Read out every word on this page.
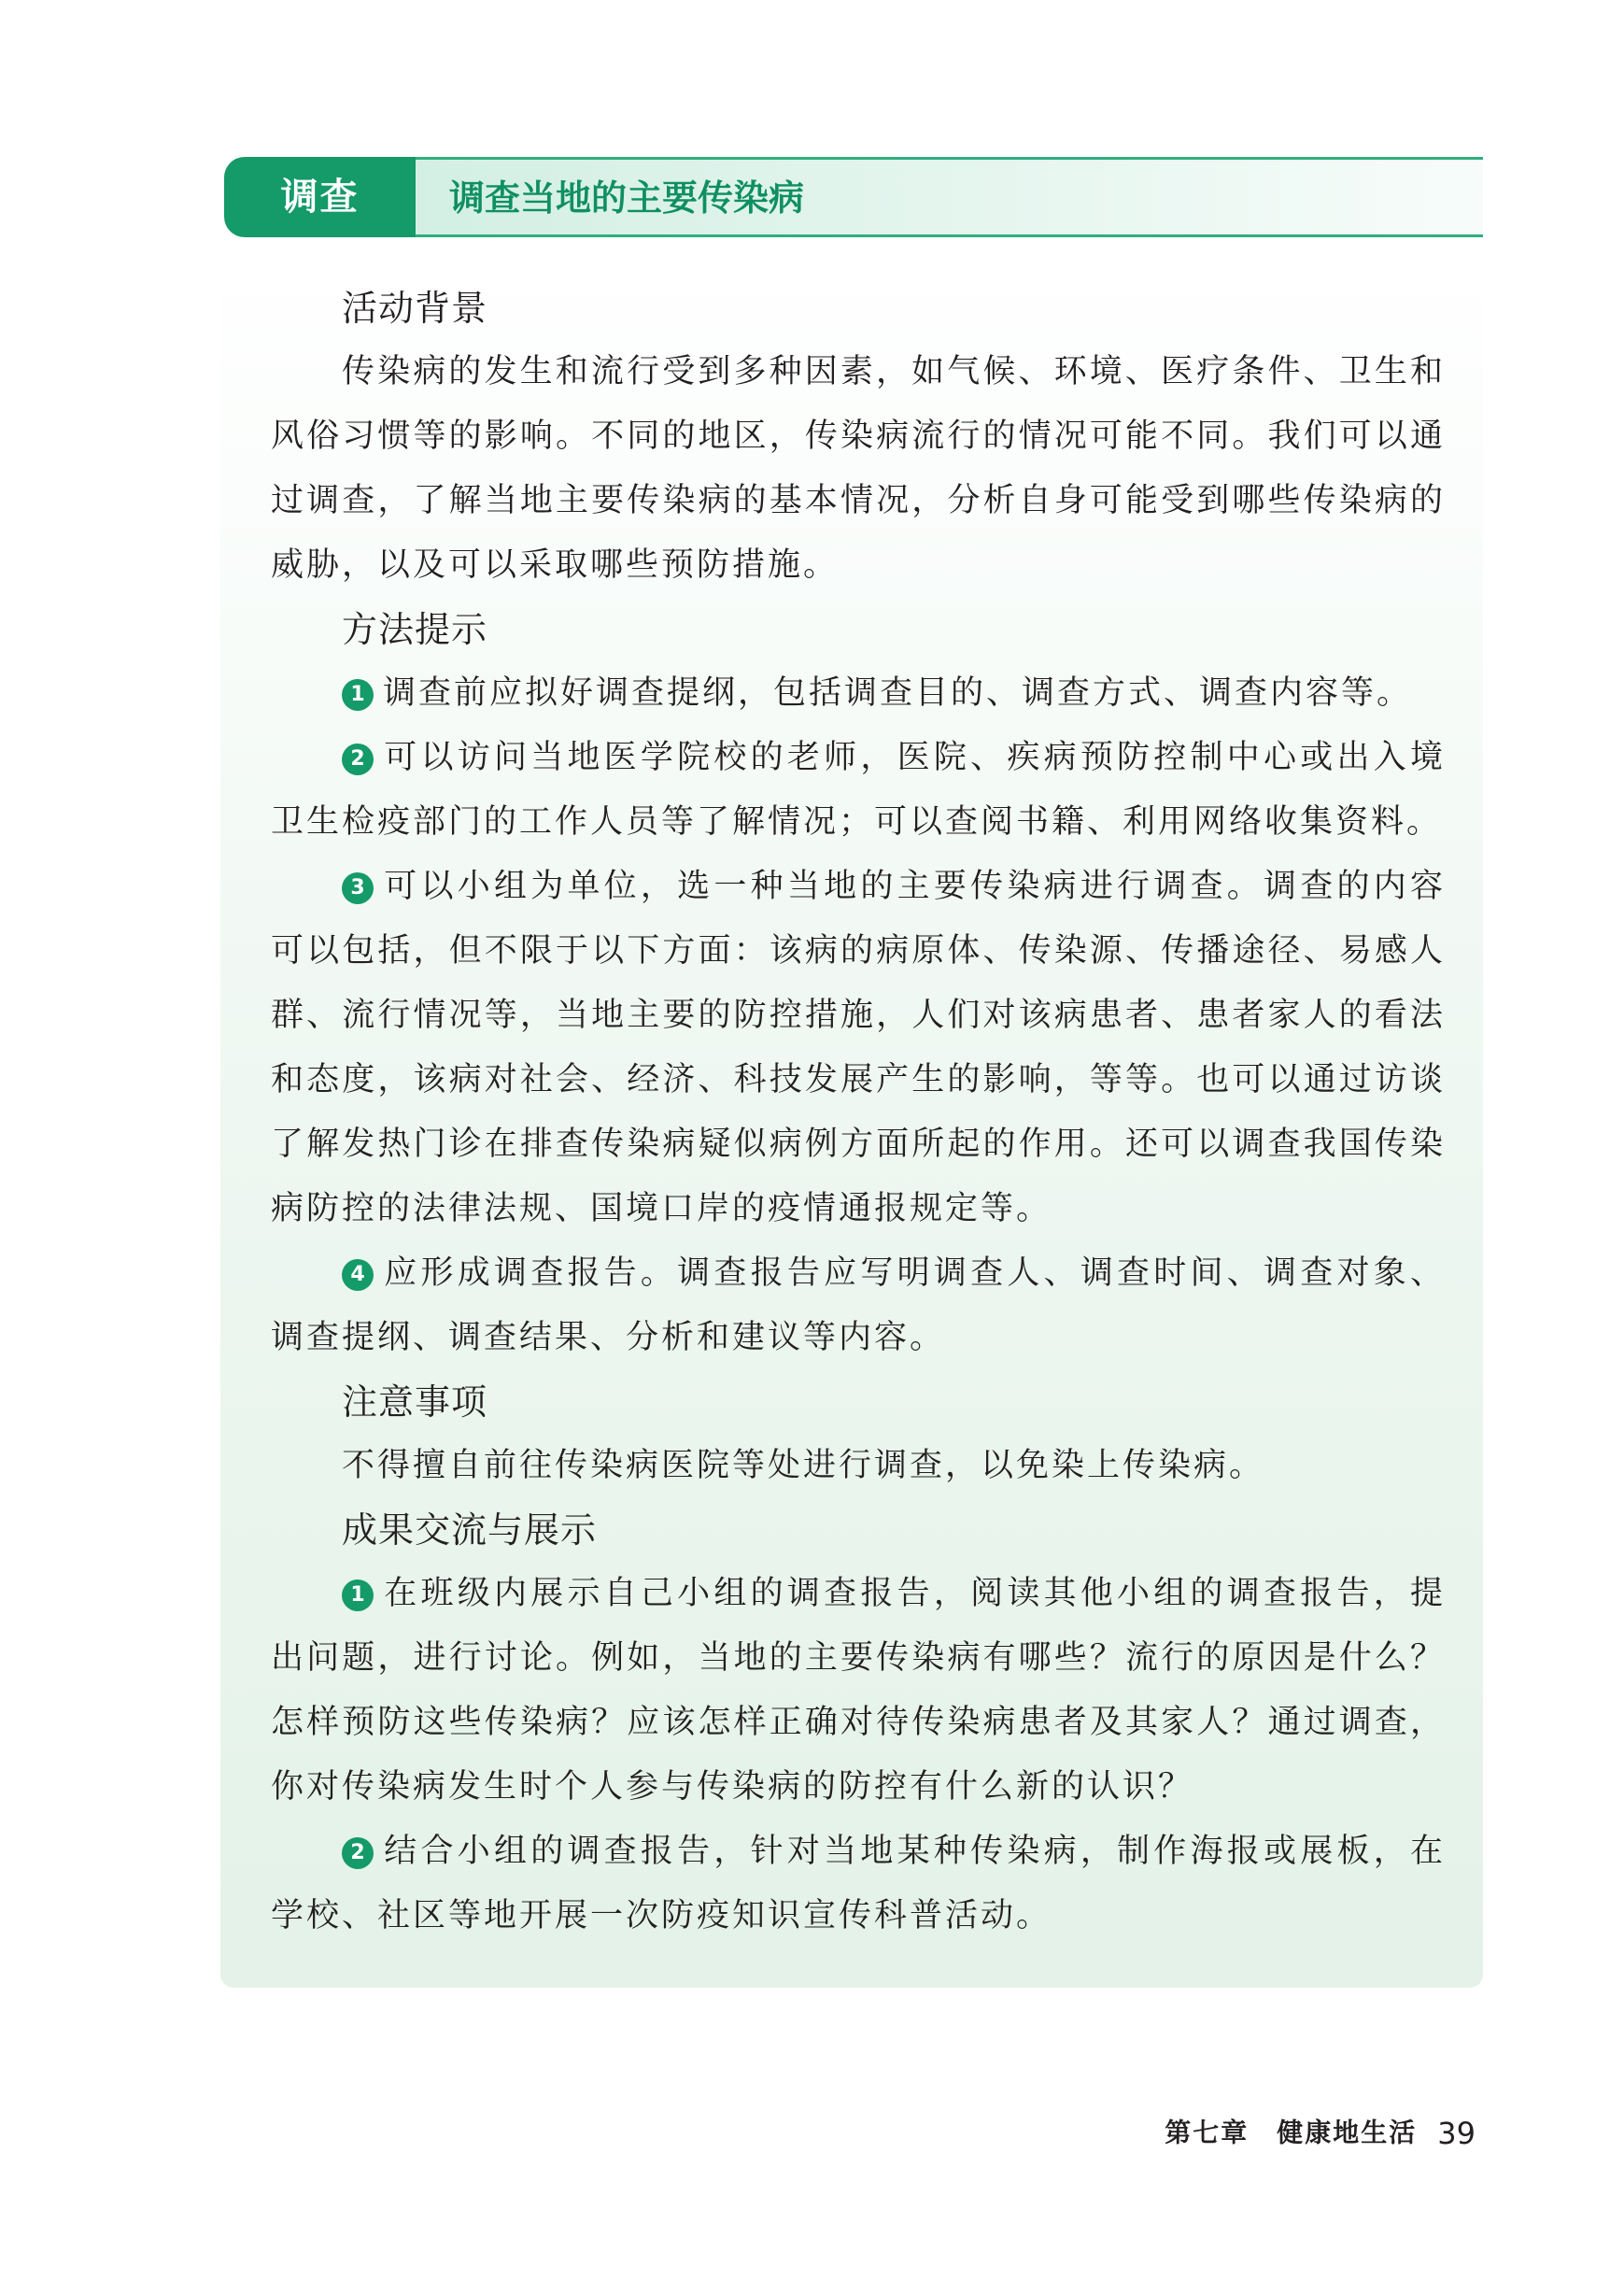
调查	调查当地的主要传染病
活动背景

传染病的发生和流行受到多种因素，如气候、环境、医疗条件、卫生和风俗习惯等的影响。不同的地区，传染病流行的情况可能不同。我们可以通过调查，了解当地主要传染病的基本情况，分析自身可能受到哪些传染病的威胁，以及可以采取哪些预防措施。

方法提示

1 调查前应拟好调查提纲，包括调查目的、调查方式、调查内容等。

2 可以访问当地医学院校的老师，医院、疾病预防控制中心或出入境卫生检疫部门的工作人员等了解情况；可以查阅书籍、利用网络收集资料。

3 可以小组为单位，选一种当地的主要传染病进行调查。调查的内容可以包括，但不限于以下方面：该病的病原体、传染源、传播途径、易感人群、流行情况等，当地主要的防控措施，人们对该病患者、患者家人的看法和态度，该病对社会、经济、科技发展产生的影响，等等。也可以通过访谈了解发热门诊在排查传染病疑似病例方面所起的作用。还可以调查我国传染病防控的法律法规、国境口岸的疫情通报规定等。

4 应形成调查报告。调查报告应写明调查人、调查时间、调查对象、调查提纲、调查结果、分析和建议等内容。

注意事项

不得擅自前往传染病医院等处进行调查，以免染上传染病。

成果交流与展示

1 在班级内展示自己小组的调查报告，阅读其他小组的调查报告，提出问题，进行讨论。例如，当地的主要传染病有哪些？流行的原因是什么？怎样预防这些传染病？应该怎样正确对待传染病患者及其家人？通过调查，你对传染病发生时个人参与传染病的防控有什么新的认识？

2 结合小组的调查报告，针对当地某种传染病，制作海报或展板，在学校、社区等地开展一次防疫知识宣传科普活动。

第七章　健康地生活 39
